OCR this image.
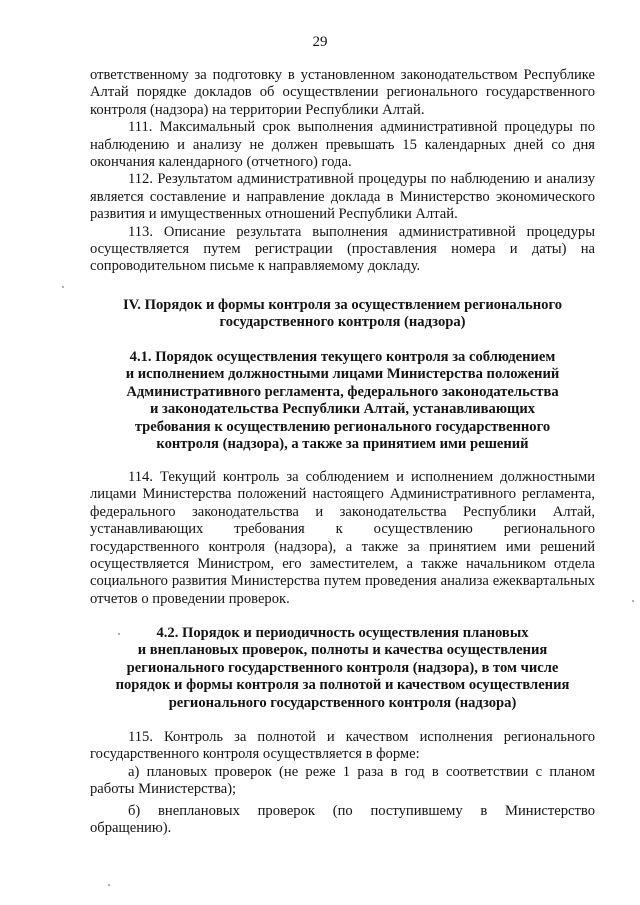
29

ответственному за подготовку в установленном законодательством Республике Алтай порядке докладов об осуществлении регионального государственного контроля (надзора) на территории Республики Алтай.

111. Максимальный срок выполнения административной процедуры по наблюдению и анализу не должен превышать 15 календарных дней со дня окончания календарного (отчетного) года.

112. Результатом административной процедуры по наблюдению и анализу является составление и направление доклада в Министерство экономического развития и имущественных отношений Республики Алтай.

113. Описание результата выполнения административной процедуры осуществляется путем регистрации (проставления номера и даты) на сопроводительном письме к направляемому докладу.

IV. Порядок и формы контроля за осуществлением регионального

государственного контроля (надзора)

4.1. Порядок осуществления текущего контроля за соблюдением

и исполнением должностными лицами Министерства положений

Административного регламента, федерального законодательства

и законодательства Республики Алтай, устанавливающих

требования к осуществлению регионального государственного

контроля (надзора), а также за принятием ими решений

114. Текущий контроль за соблюдением и исполнением должностными лицами Министерства положений настоящего Административного регламента, федерального законодательства и законодательства Республики Алтай, устанавливающих требования к осуществлению регионального государственного контроля (надзора), а также за принятием ими решений осуществляется Министром, его заместителем, а также начальником отдела социального развития Министерства путем проведения анализа ежеквартальных отчетов о проведении проверок.

4.2. Порядок и периодичность осуществления плановых

и внеплановых проверок, полноты и качества осуществления

регионального государственного контроля (надзора), в том числе

порядок и формы контроля за полнотой и качеством осуществления

регионального государственного контроля (надзора)

115. Контроль за полнотой и качеством исполнения регионального государственного контроля осуществляется в форме:

а) плановых проверок (не реже 1 раза в год в соответствии с планом работы Министерства);

б) внеплановых проверок (по поступившему в Министерство обращению).
